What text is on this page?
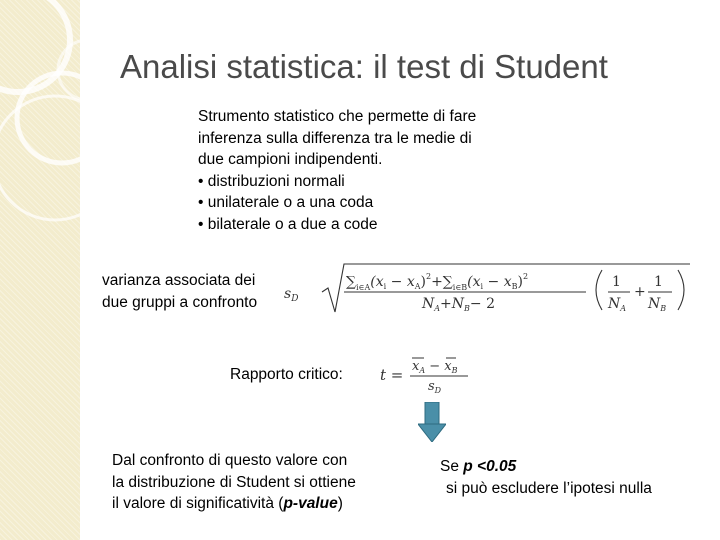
Analisi statistica: il test di Student
Strumento statistico che permette di fare
inferenza sulla differenza tra le medie di
due campioni indipendenti.
• distribuzioni normali
• unilaterale o a una coda
• bilaterale o a due a code
varianza associata dei
due gruppi a confronto	$s_D$
$\sum_{i\in A}(x_i - x_A)^2+\sum_{i\in B}(x_i - x_B)^2$
$N_A+N_B- 2$
1
$N_A$
+
1
$N_B$
Rapporto critico: $t = x_A - x_B$
$s_D$
Dal confronto di questo valore con
la distribuzione di Student si ottiene
il valore di significatività (p-value)
Se p <0.05
si può escludere l’ipotesi nulla
